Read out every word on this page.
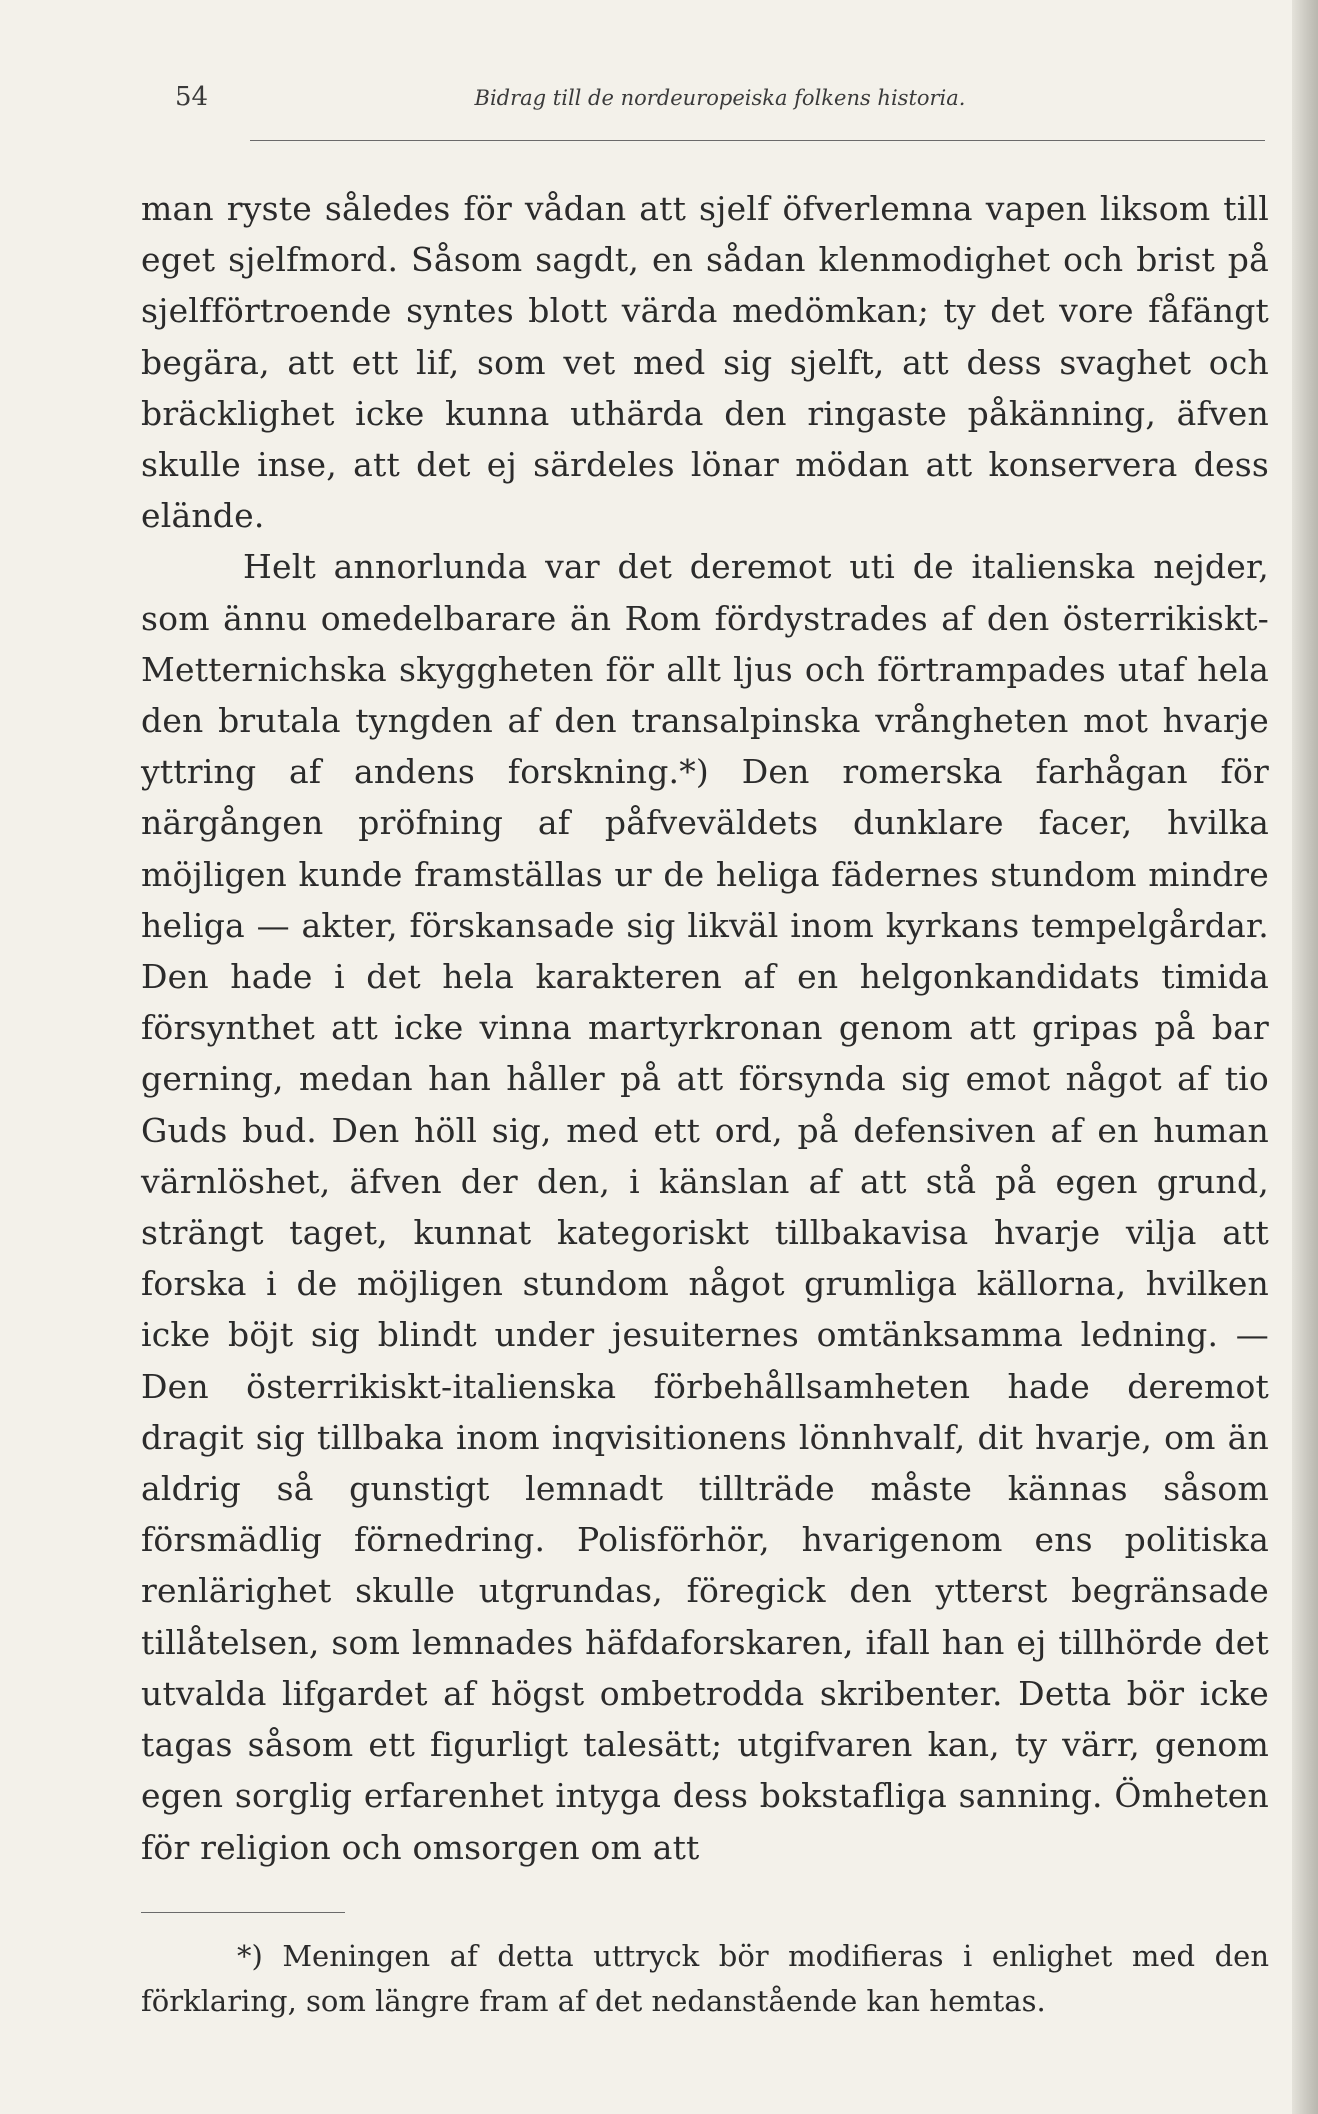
54	Bidrag till de nordeuropeiska folkens historia.

man ryste således för vådan att sjelf öfverlemna vapen liksom till eget sjelfmord. Såsom sagdt, en sådan klenmodighet och brist på sjelfförtroende syntes blott värda medömkan; ty det vore fåfängt begära, att ett lif, som vet med sig sjelft, att dess svaghet och bräcklighet icke kunna uthärda den ringaste påkänning, äfven skulle inse, att det ej särdeles lönar mödan att konservera dess elände.

Helt annorlunda var det deremot uti de italienska nejder, som ännu omedelbarare än Rom fördystrades af den österrikiskt-Metternichska skyggheten för allt ljus och förtrampades utaf hela den brutala tyngden af den transalpinska vrångheten mot hvarje yttring af andens forskning.*) Den romerska farhågan för närgången pröfning af påfveväldets dunklare facer, hvilka möjligen kunde framställas ur de heliga fädernes stundom mindre heliga — akter, förskansade sig likväl inom kyrkans tempelgårdar. Den hade i det hela karakteren af en helgonkandidats timida försynthet att icke vinna martyrkronan genom att gripas på bar gerning, medan han håller på att försynda sig emot något af tio Guds bud. Den höll sig, med ett ord, på defensiven af en human värnlöshet, äfven der den, i känslan af att stå på egen grund, strängt taget, kunnat kategoriskt tillbakavisa hvarje vilja att forska i de möjligen stundom något grumliga källorna, hvilken icke böjt sig blindt under jesuiternes omtänksamma ledning. — Den österrikiskt-italienska förbehållsamheten hade deremot dragit sig tillbaka inom inqvisitionens lönnhvalf, dit hvarje, om än aldrig så gunstigt lemnadt tillträde måste kännas såsom försmädlig förnedring. Polisförhör, hvarigenom ens politiska renlärighet skulle utgrundas, föregick den ytterst begränsade tillåtelsen, som lemnades häfdaforskaren, ifall han ej tillhörde det utvalda lifgardet af högst ombetrodda skribenter. Detta bör icke tagas såsom ett figurligt talesätt; utgifvaren kan, ty värr, genom egen sorglig erfarenhet intyga dess bokstafliga sanning. Ömheten för religion och omsorgen om att

*) Meningen af detta uttryck bör modifieras i enlighet med den förklaring, som längre fram af det nedanstående kan hemtas.
